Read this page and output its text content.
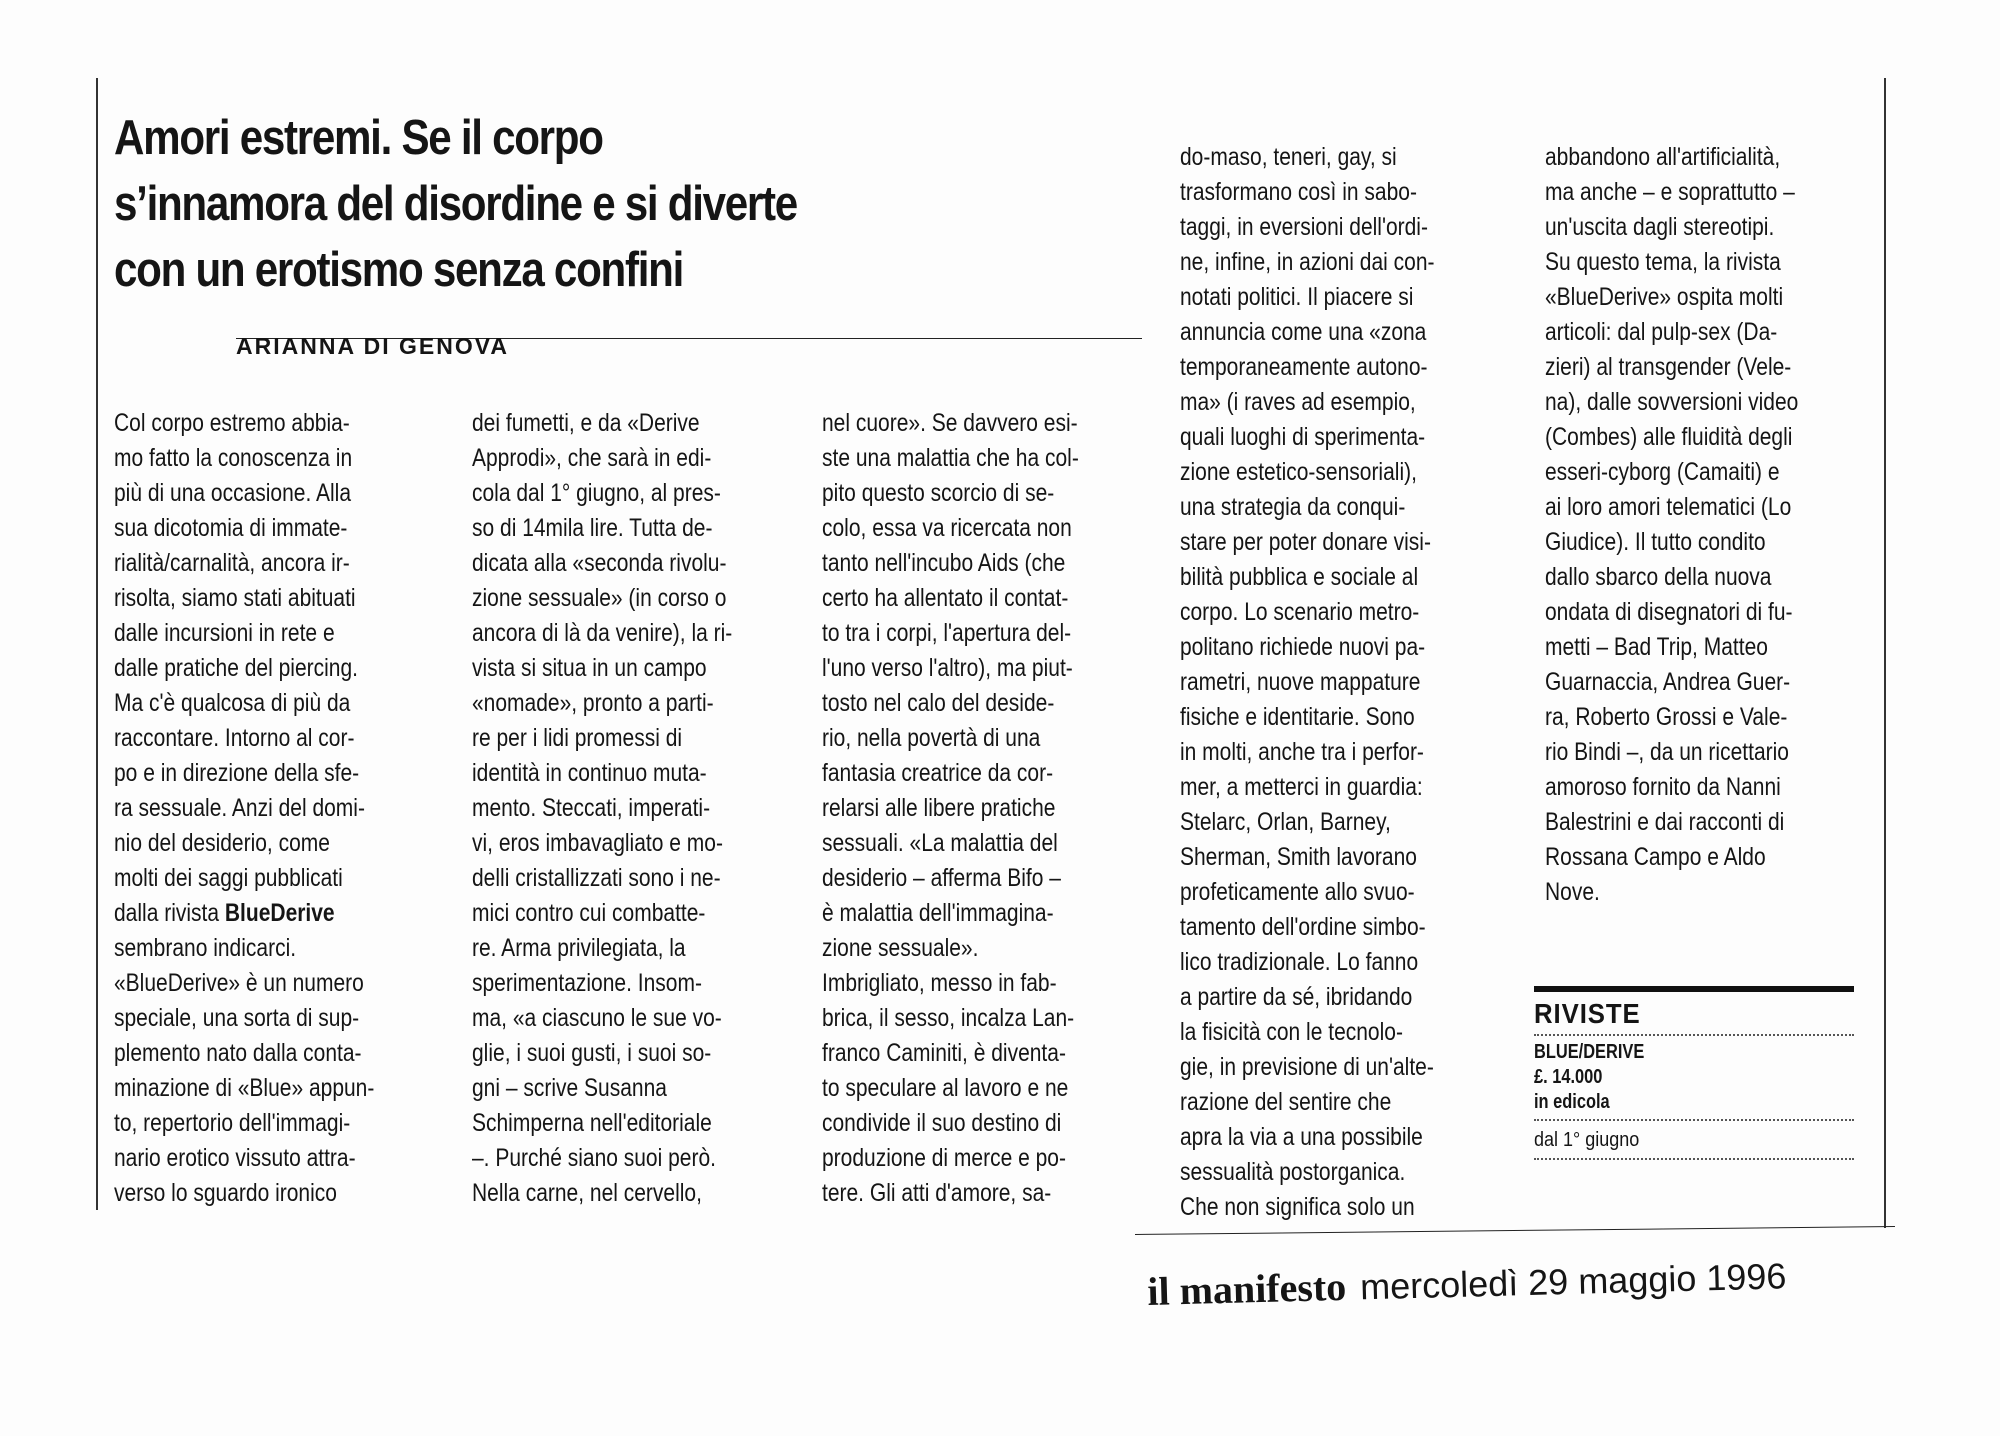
Amori estremi. Se il corpo
s’innamora del disordine e si diverte
con un erotismo senza confini
ARIANNA DI GENOVA
Col corpo estremo abbia-
mo fatto la conoscenza in
più di una occasione. Alla
sua dicotomia di immate-
rialità/carnalità, ancora ir-
risolta, siamo stati abituati
dalle incursioni in rete e
dalle pratiche del piercing.
Ma c'è qualcosa di più da
raccontare. Intorno al cor-
po e in direzione della sfe-
ra sessuale. Anzi del domi-
nio del desiderio, come
molti dei saggi pubblicati
dalla rivista BlueDerive
sembrano indicarci.
«BlueDerive» è un numero
speciale, una sorta di sup-
plemento nato dalla conta-
minazione di «Blue» appun-
to, repertorio dell'immagi-
nario erotico vissuto attra-
verso lo sguardo ironico
dei fumetti, e da «Derive
Approdi», che sarà in edi-
cola dal 1° giugno, al pres-
so di 14mila lire. Tutta de-
dicata alla «seconda rivolu-
zione sessuale» (in corso o
ancora di là da venire), la ri-
vista si situa in un campo
«nomade», pronto a parti-
re per i lidi promessi di
identità in continuo muta-
mento. Steccati, imperati-
vi, eros imbavagliato e mo-
delli cristallizzati sono i ne-
mici contro cui combatte-
re. Arma privilegiata, la
sperimentazione. Insom-
ma, «a ciascuno le sue vo-
glie, i suoi gusti, i suoi so-
gni – scrive Susanna
Schimperna nell'editoriale
–. Purché siano suoi però.
Nella carne, nel cervello,
nel cuore». Se davvero esi-
ste una malattia che ha col-
pito questo scorcio di se-
colo, essa va ricercata non
tanto nell'incubo Aids (che
certo ha allentato il contat-
to tra i corpi, l'apertura del-
l'uno verso l'altro), ma piut-
tosto nel calo del deside-
rio, nella povertà di una
fantasia creatrice da cor-
relarsi alle libere pratiche
sessuali. «La malattia del
desiderio – afferma Bifo –
è malattia dell'immagina-
zione sessuale».
Imbrigliato, messo in fab-
brica, il sesso, incalza Lan-
franco Caminiti, è diventa-
to speculare al lavoro e ne
condivide il suo destino di
produzione di merce e po-
tere. Gli atti d'amore, sa-
do-maso, teneri, gay, si
trasformano così in sabo-
taggi, in eversioni dell'ordi-
ne, infine, in azioni dai con-
notati politici. Il piacere si
annuncia come una «zona
temporaneamente autono-
ma» (i raves ad esempio,
quali luoghi di sperimenta-
zione estetico-sensoriali),
una strategia da conqui-
stare per poter donare visi-
bilità pubblica e sociale al
corpo. Lo scenario metro-
politano richiede nuovi pa-
rametri, nuove mappature
fisiche e identitarie. Sono
in molti, anche tra i perfor-
mer, a metterci in guardia:
Stelarc, Orlan, Barney,
Sherman, Smith lavorano
profeticamente allo svuo-
tamento dell'ordine simbo-
lico tradizionale. Lo fanno
a partire da sé, ibridando
la fisicità con le tecnolo-
gie, in previsione di un'alte-
razione del sentire che
apra la via a una possibile
sessualità postorganica.
Che non significa solo un
abbandono all'artificialità,
ma anche – e soprattutto –
un'uscita dagli stereotipi.
Su questo tema, la rivista
«BlueDerive» ospita molti
articoli: dal pulp-sex (Da-
zieri) al transgender (Vele-
na), dalle sovversioni video
(Combes) alle fluidità degli
esseri-cyborg (Camaiti) e
ai loro amori telematici (Lo
Giudice). Il tutto condito
dallo sbarco della nuova
ondata di disegnatori di fu-
metti – Bad Trip, Matteo
Guarnaccia, Andrea Guer-
ra, Roberto Grossi e Vale-
rio Bindi –, da un ricettario
amoroso fornito da Nanni
Balestrini e dai racconti di
Rossana Campo e Aldo
Nove.
RIVISTE
BLUE/DERIVE
£. 14.000
in edicola
dal 1° giugno
il manifesto mercoledì 29 maggio 1996
